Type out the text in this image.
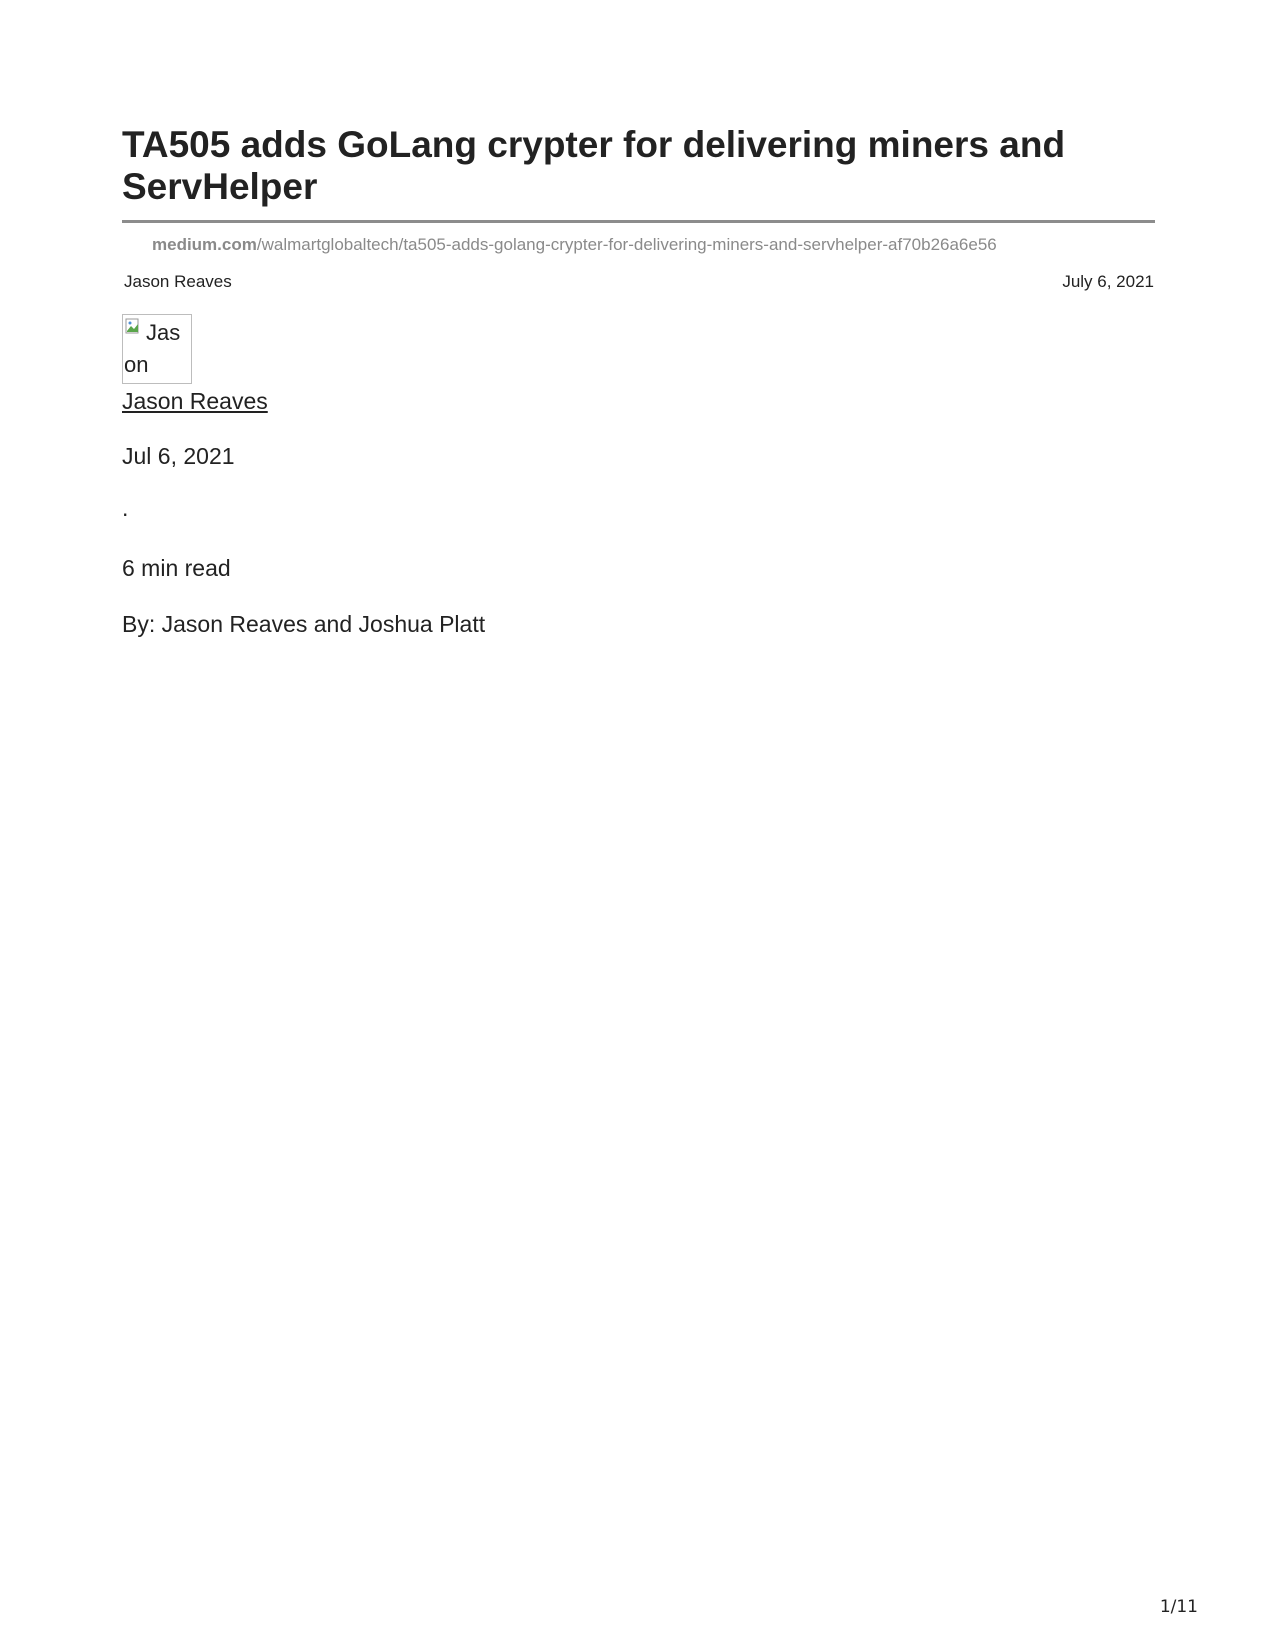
TA505 adds GoLang crypter for delivering miners and ServHelper
medium.com/walmartglobaltech/ta505-adds-golang-crypter-for-delivering-miners-and-servhelper-af70b26a6e56
Jason Reaves	July 6, 2021
Jason
Jason Reaves

Jul 6, 2021

.

6 min read

By: Jason Reaves and Joshua Platt

1/11
